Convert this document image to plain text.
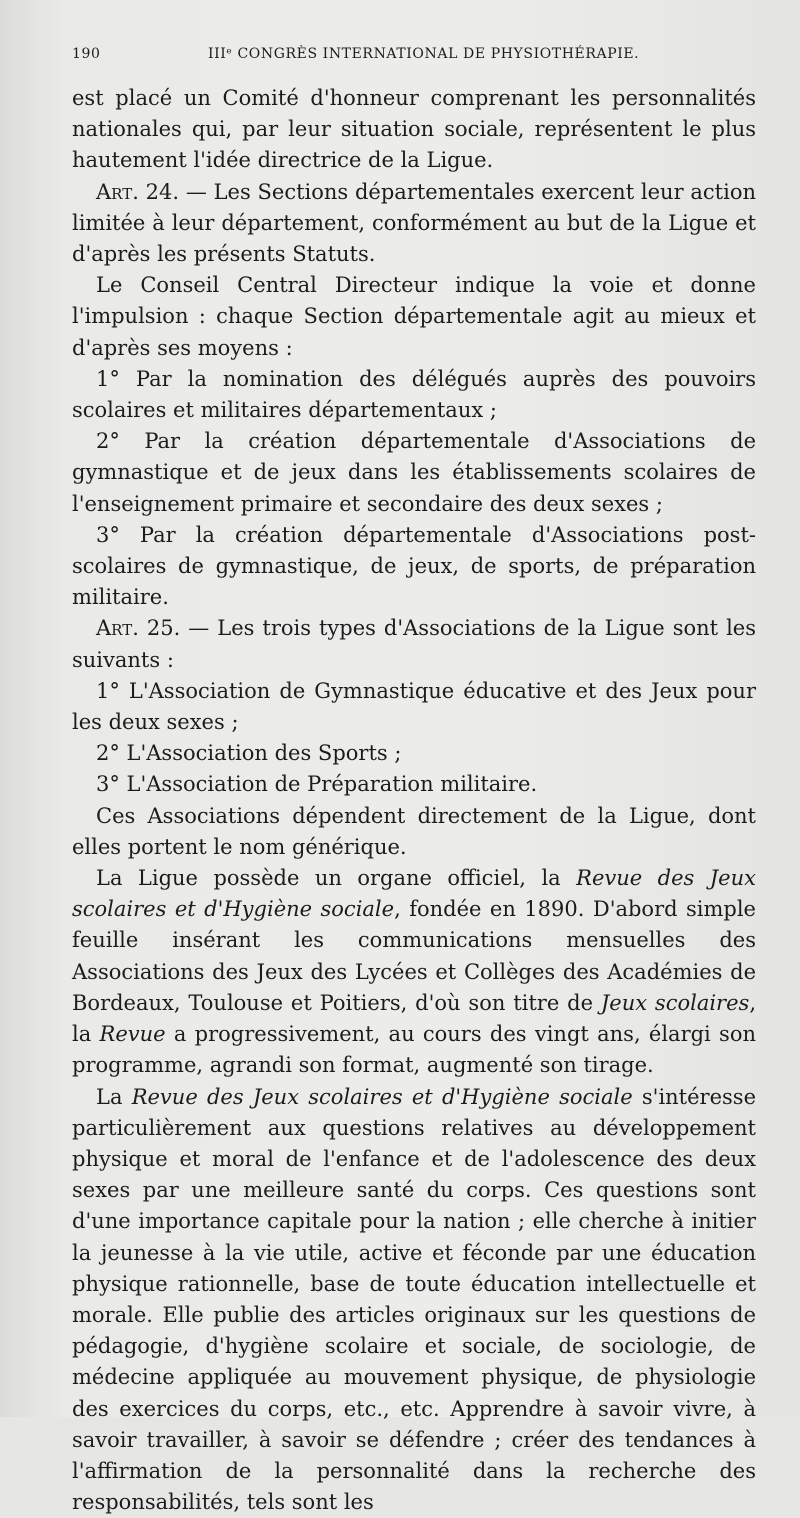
190	IIIᵉ CONGRÈS INTERNATIONAL DE PHYSIOTHÉRAPIE.

est placé un Comité d'honneur comprenant les personnalités nationales qui, par leur situation sociale, représentent le plus hautement l'idée directrice de la Ligue.

Art. 24. — Les Sections départementales exercent leur action limitée à leur département, conformément au but de la Ligue et d'après les présents Statuts.

Le Conseil Central Directeur indique la voie et donne l'impulsion : chaque Section départementale agit au mieux et d'après ses moyens :

1° Par la nomination des délégués auprès des pouvoirs scolaires et militaires départementaux ;

2° Par la création départementale d'Associations de gymnastique et de jeux dans les établissements scolaires de l'enseignement primaire et secondaire des deux sexes ;

3° Par la création départementale d'Associations post-scolaires de gymnastique, de jeux, de sports, de préparation militaire.

Art. 25. — Les trois types d'Associations de la Ligue sont les suivants :

1° L'Association de Gymnastique éducative et des Jeux pour les deux sexes ;

2° L'Association des Sports ;

3° L'Association de Préparation militaire.

Ces Associations dépendent directement de la Ligue, dont elles portent le nom générique.

La Ligue possède un organe officiel, la Revue des Jeux scolaires et d'Hygiène sociale, fondée en 1890. D'abord simple feuille insérant les communications mensuelles des Associations des Jeux des Lycées et Collèges des Académies de Bordeaux, Toulouse et Poitiers, d'où son titre de Jeux scolaires, la Revue a progressivement, au cours des vingt ans, élargi son programme, agrandi son format, augmenté son tirage.

La Revue des Jeux scolaires et d'Hygiène sociale s'intéresse particulièrement aux questions relatives au développement physique et moral de l'enfance et de l'adolescence des deux sexes par une meilleure santé du corps. Ces questions sont d'une importance capitale pour la nation ; elle cherche à initier la jeunesse à la vie utile, active et féconde par une éducation physique rationnelle, base de toute éducation intellectuelle et morale. Elle publie des articles originaux sur les questions de pédagogie, d'hygiène scolaire et sociale, de sociologie, de médecine appliquée au mouvement physique, de physiologie des exercices du corps, etc., etc. Apprendre à savoir vivre, à savoir travailler, à savoir se défendre ; créer des tendances à l'affirmation de la personnalité dans la recherche des responsabilités, tels sont les
